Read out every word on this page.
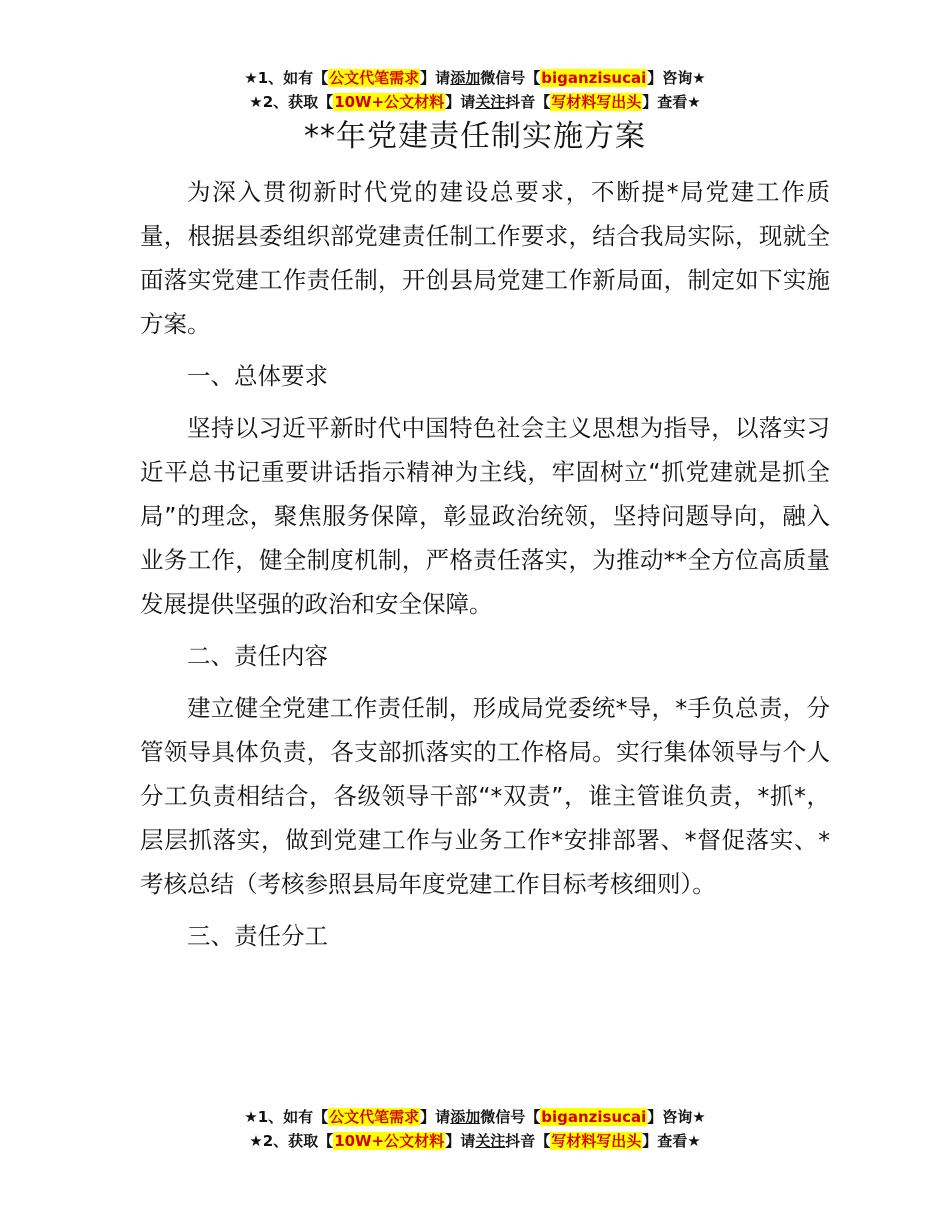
★1、如有【公文代笔需求】请添加微信号【biganzisucai】咨询★
★2、获取【10W+公文材料】请关注抖音【写材料写出头】查看★
**年党建责任制实施方案

为深入贯彻新时代党的建设总要求，不断提*局党建工作质量，根据县委组织部党建责任制工作要求，结合我局实际，现就全面落实党建工作责任制，开创县局党建工作新局面，制定如下实施方案。

一、总体要求

坚持以习近平新时代中国特色社会主义思想为指导，以落实习近平总书记重要讲话指示精神为主线，牢固树立“抓党建就是抓全局”的理念，聚焦服务保障，彰显政治统领，坚持问题导向，融入业务工作，健全制度机制，严格责任落实，为推动**全方位高质量发展提供坚强的政治和安全保障。

二、责任内容

建立健全党建工作责任制，形成局党委统*导，*手负总责，分管领导具体负责，各支部抓落实的工作格局。实行集体领导与个人分工负责相结合，各级领导干部“*双责”，谁主管谁负责，*抓*，层层抓落实，做到党建工作与业务工作*安排部署、*督促落实、*考核总结（考核参照县局年度党建工作目标考核细则）。

三、责任分工

★1、如有【公文代笔需求】请添加微信号【biganzisucai】咨询★
★2、获取【10W+公文材料】请关注抖音【写材料写出头】查看★
